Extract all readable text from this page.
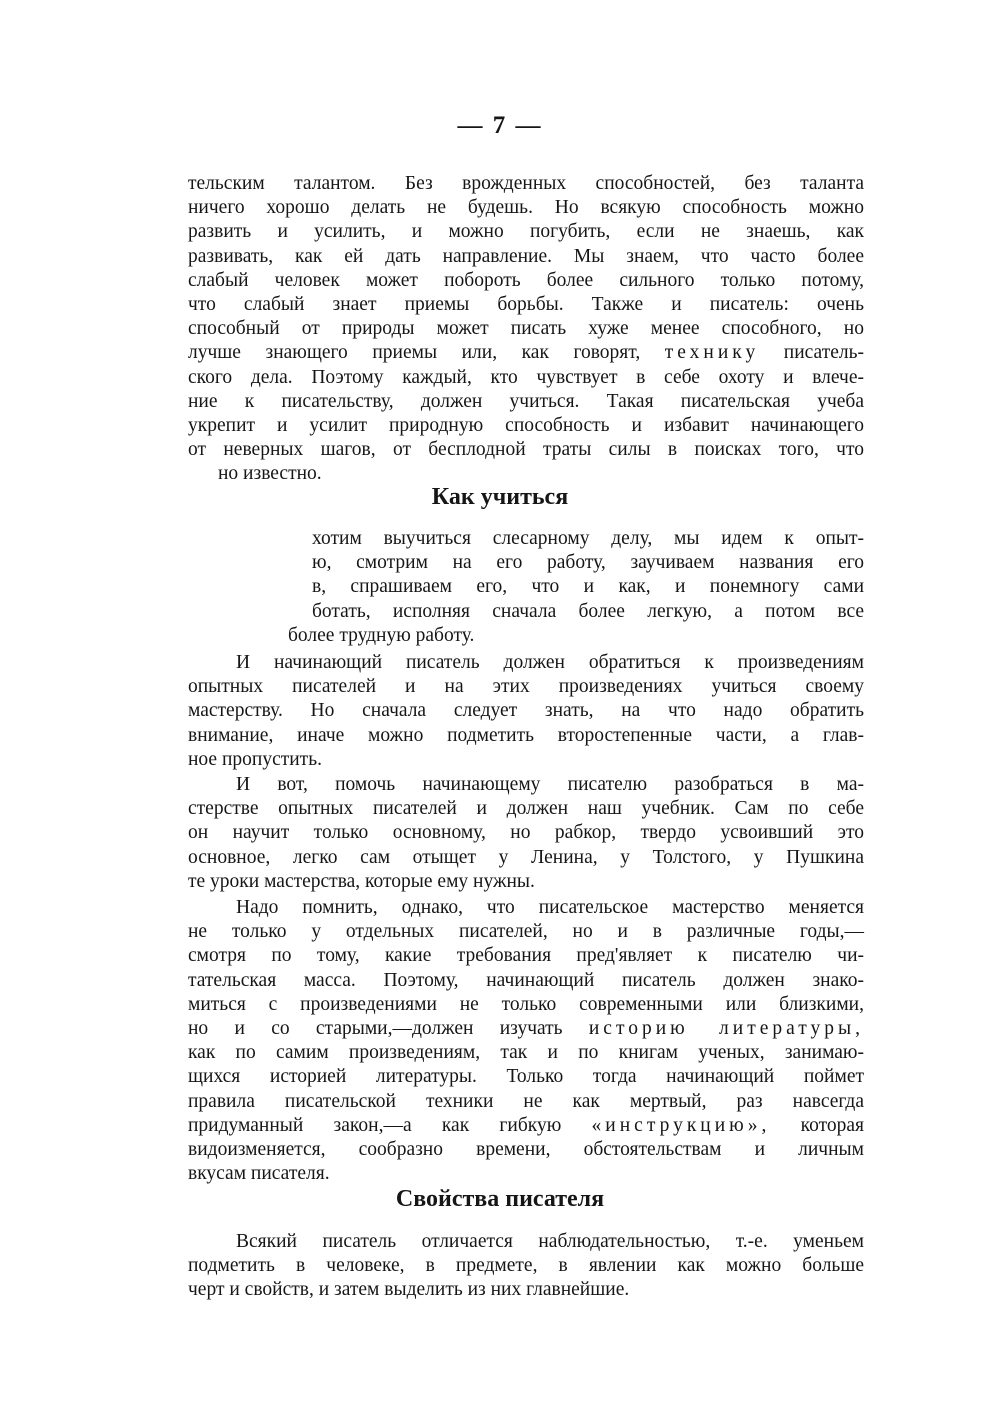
— 7 —
тельским талантом. Без врожденных способностей, без таланта
ничего хорошо делать не будешь. Но всякую способность можно
развить и усилить, и можно погубить, если не знаешь, как
развивать, как ей дать направление. Мы знаем, что часто более
слабый человек может побороть более сильного только потому,
что слабый знает приемы борьбы. Также и писатель: очень
способный от природы может писать хуже менее способного, но
лучше знающего приемы или, как говорят, технику писатель-
ского дела. Поэтому каждый, кто чувствует в себе охоту и влече-
ние к писательству, должен учиться. Такая писательская учеба
укрепит и усилит природную способность и избавит начинающего
от неверных шагов, от бесплодной траты силы в поисках того, что
но известно.
Как учиться
хотим выучиться слесарному делу, мы идем к опыт-
ю, смотрим на его работу, заучиваем названия его
в, спрашиваем его, что и как, и понемногу сами
ботать, исполняя сначала более легкую, а потом все
более трудную работу.
И начинающий писатель должен обратиться к произведениям
опытных писателей и на этих произведениях учиться своему
мастерству. Но сначала следует знать, на что надо обратить
внимание, иначе можно подметить второстепенные части, а глав-
ное пропустить.
И вот, помочь начинающему писателю разобраться в ма-
стерстве опытных писателей и должен наш учебник. Сам по себе
он научит только основному, но рабкор, твердо усвоивший это
основное, легко сам отыщет у Ленина, у Толстого, у Пушкина
те уроки мастерства, которые ему нужны.
Надо помнить, однако, что писательское мастерство меняется
не только у отдельных писателей, но и в различные годы,—
смотря по тому, какие требования пред'являет к писателю чи-
тательская масса. Поэтому, начинающий писатель должен знако-
миться с произведениями не только современными или близкими,
но и со старыми,—должен изучать историю литературы,
как по самим произведениям, так и по книгам ученых, занимаю-
щихся историей литературы. Только тогда начинающий поймет
правила писательской техники не как мертвый, раз навсегда
придуманный закон,—а как гибкую «инструкцию», которая
видоизменяется, сообразно времени, обстоятельствам и личным
вкусам писателя.
Свойства писателя
Всякий писатель отличается наблюдательностью, т.-е. уменьем
подметить в человеке, в предмете, в явлении как можно больше
черт и свойств, и затем выделить из них главнейшие.
